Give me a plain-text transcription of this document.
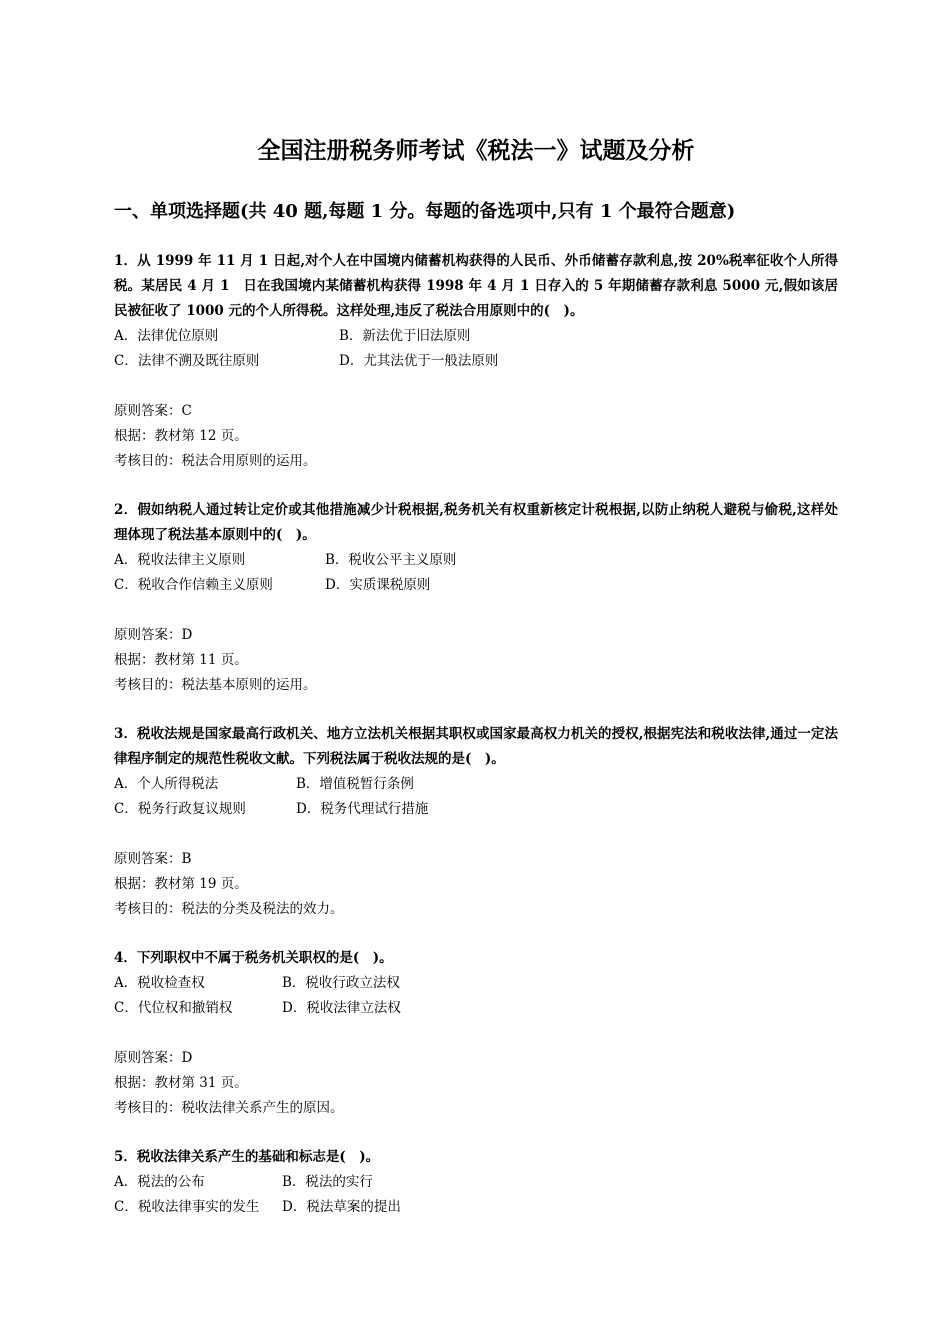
全国注册税务师考试《税法一》试题及分析
一、单项选择题(共 40 题,每题 1 分。每题的备选项中,只有 1 个最符合题意)

1．从 1999 年 11 月 1 日起,对个人在中国境内储蓄机构获得的人民币、外币储蓄存款利息,按 20%税率征收个人所得税。某居民 4 月 1　日在我国境内某储蓄机构获得 1998 年 4 月 1 日存入的 5 年期储蓄存款利息 5000 元,假如该居民被征收了 1000 元的个人所得税。这样处理,违反了税法合用原则中的(　)。

A．法律优位原则	B．新法优于旧法原则
C．法律不溯及既往原则	D．尤其法优于一般法原则
原则答案：C
根据：教材第 12 页。
考核目的：税法合用原则的运用。

2．假如纳税人通过转让定价或其他措施减少计税根据,税务机关有权重新核定计税根据,以防止纳税人避税与偷税,这样处理体现了税法基本原则中的(　)。

A．税收法律主义原则	B．税收公平主义原则
C．税收合作信赖主义原则	D．实质课税原则
原则答案：D
根据：教材第 11 页。
考核目的：税法基本原则的运用。

3．税收法规是国家最高行政机关、地方立法机关根据其职权或国家最高权力机关的授权,根据宪法和税收法律,通过一定法律程序制定的规范性税收文献。下列税法属于税收法规的是(　)。

A．个人所得税法	B．增值税暂行条例
C．税务行政复议规则	D．税务代理试行措施
原则答案：B
根据：教材第 19 页。
考核目的：税法的分类及税法的效力。

4．下列职权中不属于税务机关职权的是(　)。

A．税收检查权	B．税收行政立法权
C．代位权和撤销权	D．税收法律立法权
原则答案：D
根据：教材第 31 页。
考核目的：税收法律关系产生的原因。

5．税收法律关系产生的基础和标志是(　)。

A．税法的公布	B．税法的实行
C．税收法律事实的发生 D．税法草案的提出
